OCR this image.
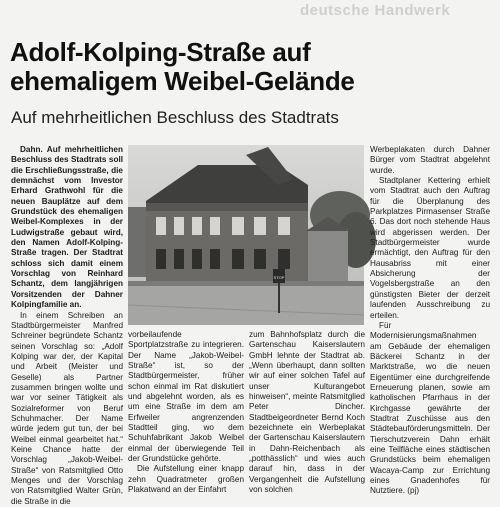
deutsche Handwerk
Adolf-Kolping-Straße auf
ehemaligem Weibel-Gelände
Auf mehrheitlichen Beschluss des Stadtrats

Dahn. Auf mehrheitlichen Beschluss des Stadtrats soll die Erschließungsstraße, die demnächst vom Investor Erhard Grathwohl für die neuen Bauplätze auf dem Grundstück des ehemaligen Weibel-Komplexes in der Ludwigstraße gebaut wird, den Namen Adolf-Kolping-Straße tragen. Der Stadtrat schloss sich damit einem Vorschlag von Reinhard Schantz, dem langjährigen Vorsitzenden der Dahner Kolpingfamilie an.

In einem Schreiben an Stadtbürgermeister Manfred Schreiner begründete Schantz seinen Vorschlag so: „Adolf Kolping war der, der Kapital und Arbeit (Meister und Geselle) als Partner zusammen bringen wollte und war vor seiner Tätigkeit als Sozialreformer von Beruf Schuhmacher. Der Name würde jedem gut tun, der bei Weibel einmal gearbeitet hat.“ Keine Chance hatte der Vorschlag „Jakob-Weibel-Straße“ von Ratsmitglied Otto Menges und der Vorschlag von Ratsmitglied Walter Grün, die Straße in die

STOP

vorbeilaufende Sportplatzstraße zu integrieren. Der Name „Jakob-Weibel-Straße“ ist, so der Stadtbürgermeister, früher schon einmal im Rat diskutiert und abgelehnt worden, als es um eine Straße im dem am Erfweiler angrenzenden Stadtteil ging, wo dem Schuhfabrikant Jakob Weibel einmal der überwiegende Teil der Grundstücke gehörte.

Die Aufstellung einer knapp zehn Quadratmeter großen Plakatwand an der Einfahrt

zum Bahnhofsplatz durch die Gartenschau Kaiserslautern GmbH lehnte der Stadtrat ab. „Wenn überhaupt, dann sollten wir auf einer solchen Tafel auf unser Kulturangebot hinweisen“, meinte Ratsmitglied Peter Dincher. Stadtbeigeordneter Bernd Koch bezeichnete ein Werbeplakat der Gartenschau Kaiserslautern in Dahn-Reichenbach als „potthässlich“ und wies auch darauf hin, dass in der Vergangenheit die Aufstellung von solchen

Werbeplakaten durch Dahner Bürger vom Stadtrat abgelehnt wurde.

Stadtplaner Kettering erhielt vom Stadtrat auch den Auftrag für die Überplanung des Parkplatzes Pirmasenser Straße 6. Das dort noch stehende Haus wird abgerissen werden. Der Stadtbürgermeister wurde ermächtigt, den Auftrag für den Hausabriss mit einer Absicherung der Vogelsbergstraße an den günstigsten Bieter der derzeit laufenden Ausschreibung zu erteilen.

Für Modernisierungsmaßnahmen am Gebäude der ehemaligen Bäckerei Schantz in der Marktstraße, wo die neuen Eigentümer eine durchgreifende Erneuerung planen, sowie am katholischen Pfarrhaus in der Kirchgasse gewährte der Stadtrat Zuschüsse aus den Städtebauförderungsmitteln. Der Tierschutzverein Dahn erhält eine Teilfläche eines städtischen Grundstücks beim ehemaligen Wacaya-Camp zur Errichtung eines Gnadenhofes für Nutztiere. (pj)
